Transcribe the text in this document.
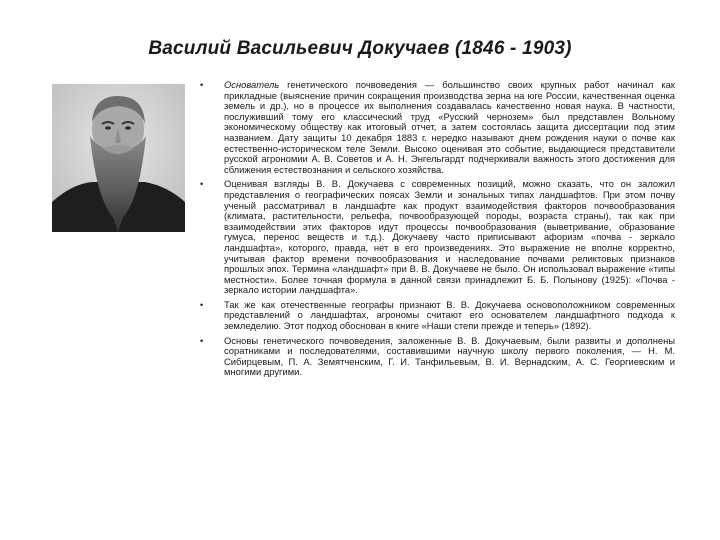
Василий Васильевич Докучаев (1846 - 1903)
• Основатель генетического почвоведения — большинство своих крупных работ начинал как прикладные (выяснение причин сокращения производства зерна на юге России, качественная оценка земель и др.), но в процессе их выполнения создавалась качественно новая наука. В частности, послуживший тому его классический труд «Русский чернозем» был представлен Вольному экономическому обществу как итоговый отчет, а затем состоялась защита диссертации под этим названием. Дату защиты 10 декабря 1883 г. нередко называют днем рождения науки о почве как естественно-историческом теле Земли. Высоко оценивая это событие, выдающиеся представители русской агрономии А. В. Советов и А. Н. Энгельгардт подчеркивали важность этого достижения для сближения естествознания и сельского хозяйства.
• Оценивая взгляды В. В. Докучаева с современных позиций, можно сказать, что он заложил представления о географических поясах Земли и зональных типах ландшафтов. При этом почву ученый рассматривал в ландшафте как продукт взаимодействия факторов почвообразования (климата, растительности, рельефа, почвообразующей породы, возраста страны), так как при взаимодействии этих факторов идут процессы почвообразования (выветривание, образование гумуса, перенос веществ и т.д.). Докучаеву часто приписывают афоризм «почва - зеркало ландшафта», которого, правда, нет в его произведениях. Это выражение не вполне корректно, учитывая фактор времени почвообразования и наследование почвами реликтовых признаков прошлых эпох. Термина «ландшафт» при В. В. Докучаеве не было. Он использовал выражение «типы местности». Более точная формула в данной связи принадлежит Б. Б. Полынову (1925): «Почва - зеркало истории ландшафта».
• Так же как отечественные географы признают В. В. Докучаева основоположником современных представлений о ландшафтах, агрономы считают его основателем ландшафтного подхода к земледелию. Этот подход обоснован в книге «Наши степи прежде и теперь» (1892).
• Основы генетического почвоведения, заложенные В. В. Докучаевым, были развиты и дополнены соратниками и последователями, составившими научную школу первого поколения, — Н. М. Сибирцевым, П. А. Земятченским, Г. И. Танфильевым, В. И. Вернадским, А. С. Георгиевским и многими другими.
